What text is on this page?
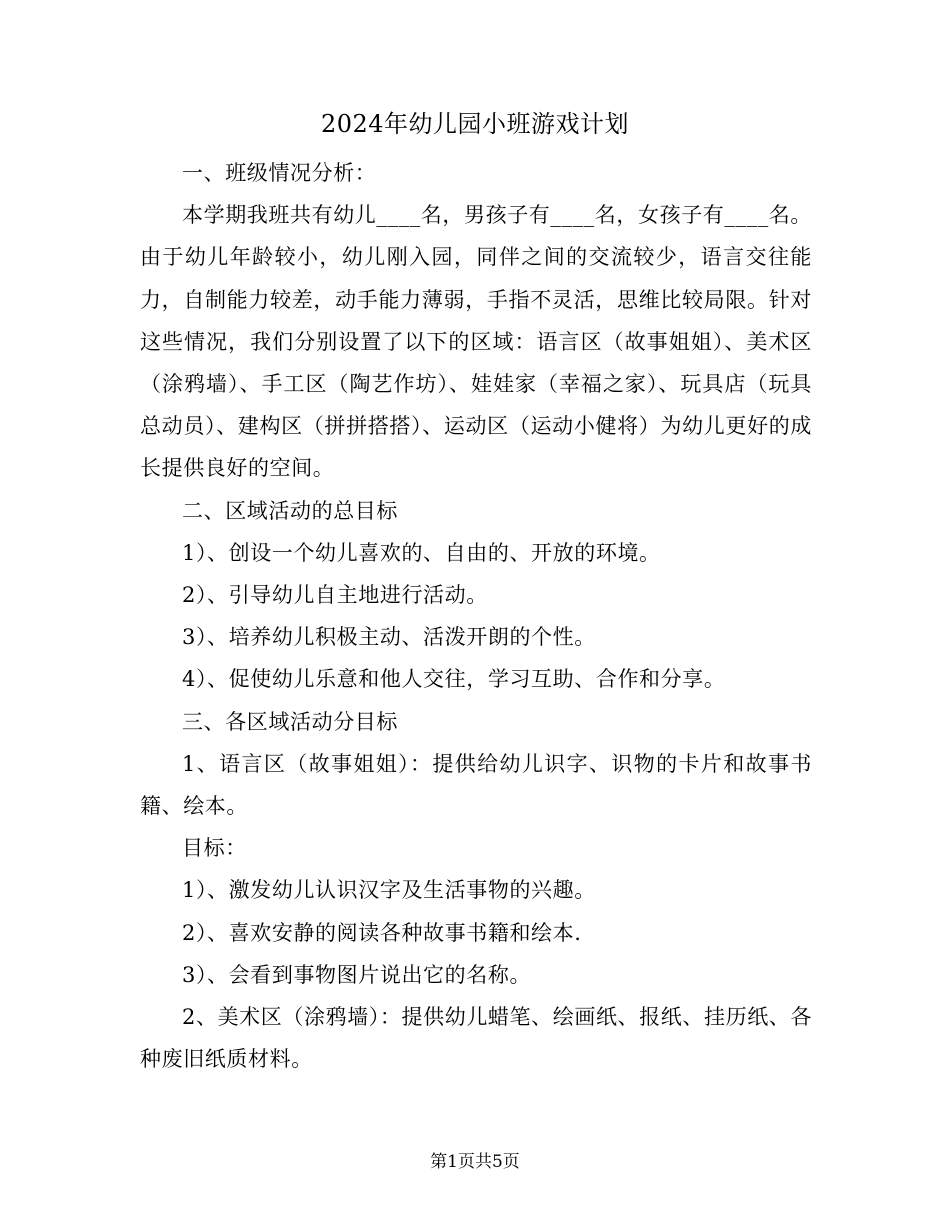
2024年幼儿园小班游戏计划

一、班级情况分析：

本学期我班共有幼儿____名，男孩子有____名，女孩子有____名。由于幼儿年龄较小，幼儿刚入园，同伴之间的交流较少，语言交往能力，自制能力较差，动手能力薄弱，手指不灵活，思维比较局限。针对这些情况，我们分别设置了以下的区域：语言区（故事姐姐）、美术区（涂鸦墙）、手工区（陶艺作坊）、娃娃家（幸福之家）、玩具店（玩具总动员）、建构区（拼拼搭搭）、运动区（运动小健将）为幼儿更好的成长提供良好的空间。

二、区域活动的总目标

1）、创设一个幼儿喜欢的、自由的、开放的环境。

2）、引导幼儿自主地进行活动。

3）、培养幼儿积极主动、活泼开朗的个性。

4）、促使幼儿乐意和他人交往，学习互助、合作和分享。

三、各区域活动分目标

1、语言区（故事姐姐）：提供给幼儿识字、识物的卡片和故事书籍、绘本。

目标：

1）、激发幼儿认识汉字及生活事物的兴趣。

2）、喜欢安静的阅读各种故事书籍和绘本.

3）、会看到事物图片说出它的名称。

2、美术区（涂鸦墙）：提供幼儿蜡笔、绘画纸、报纸、挂历纸、各种废旧纸质材料。

第1页共5页
